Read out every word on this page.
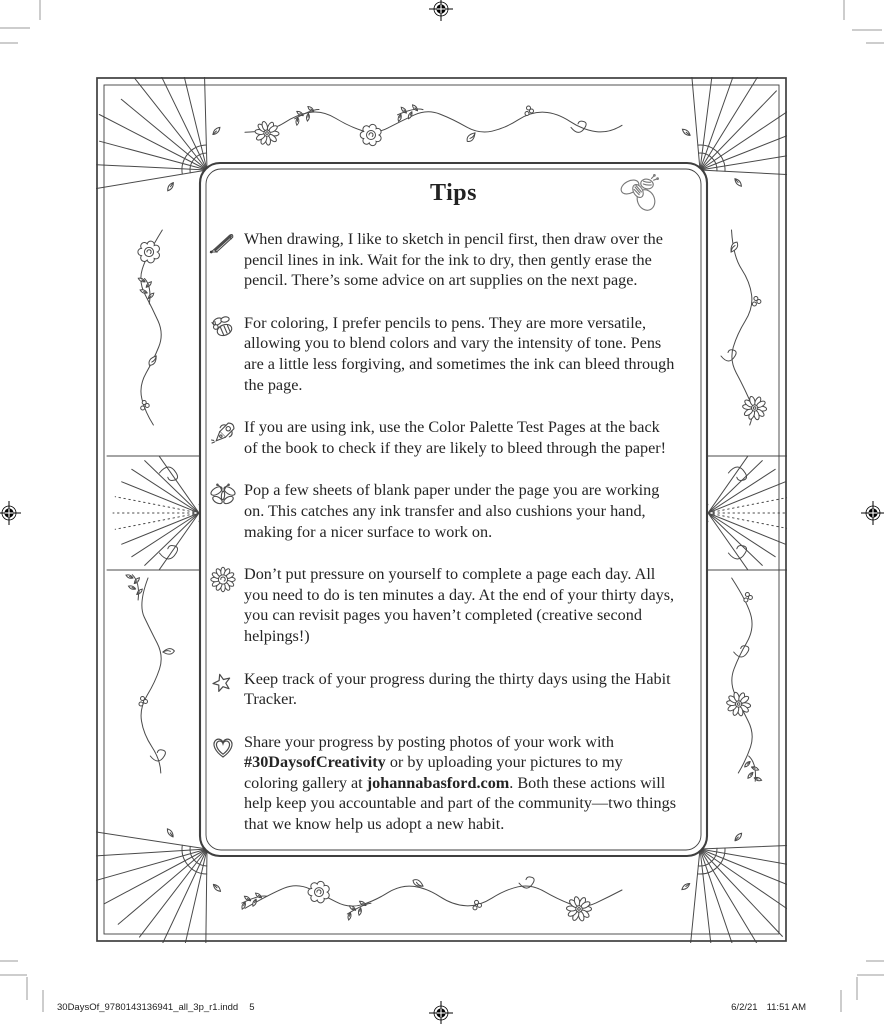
Tips
When drawing, I like to sketch in pencil first, then draw over the pencil lines in ink. Wait for the ink to dry, then gently erase the pencil. There’s some advice on art supplies on the next page.
For coloring, I prefer pencils to pens. They are more versatile, allowing you to blend colors and vary the intensity of tone. Pens are a little less forgiving, and sometimes the ink can bleed through the page.
If you are using ink, use the Color Palette Test Pages at the back of the book to check if they are likely to bleed through the paper!
Pop a few sheets of blank paper under the page you are working on. This catches any ink transfer and also cushions your hand, making for a nicer surface to work on.
Don’t put pressure on yourself to complete a page each day. All you need to do is ten minutes a day. At the end of your thirty days, you can revisit pages you haven’t completed (creative second helpings!)
Keep track of your progress during the thirty days using the Habit Tracker.
Share your progress by posting photos of your work with #30DaysofCreativity or by uploading your pictures to my coloring gallery at johannabasford.com. Both these actions will help keep you accountable and part of the community—two things that we know help us adopt a new habit.
30DaysOf_9780143136941_all_3p_r1.indd 5	6/2/21 11:51 AM
